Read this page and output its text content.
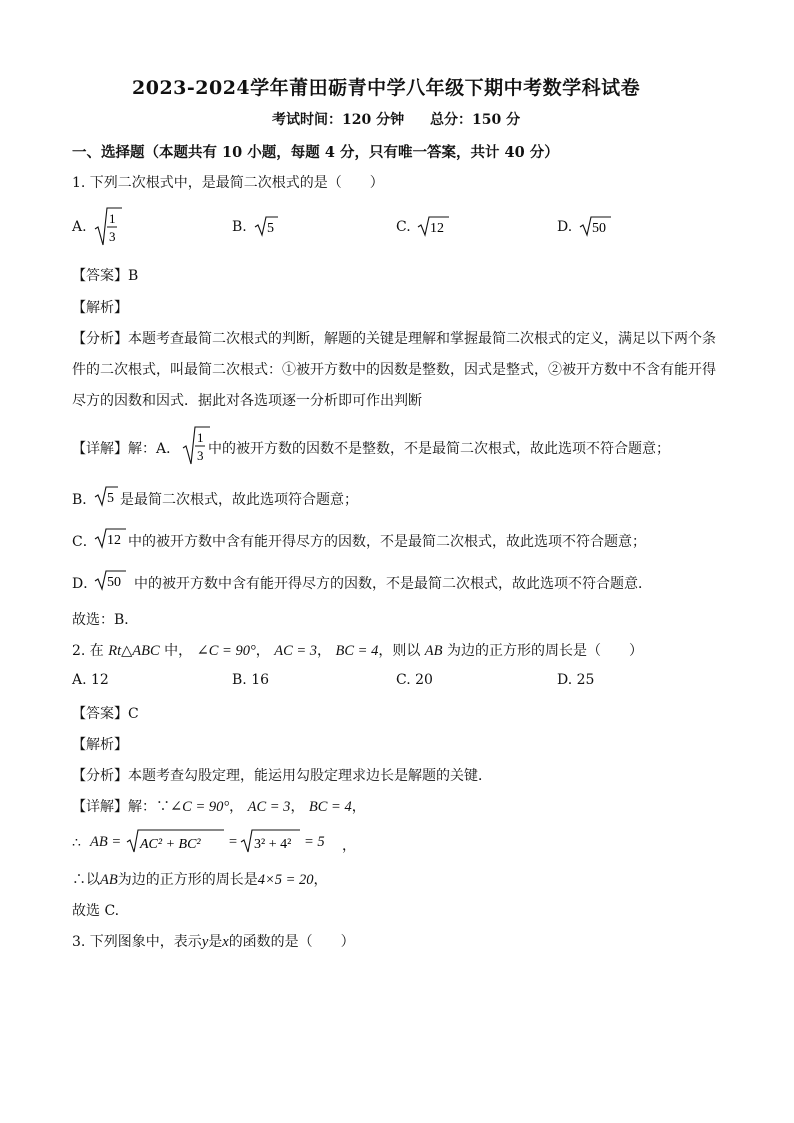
2023-2024学年莆田砺青中学八年级下期中考数学科试卷
考试时间：120 分钟 总分：150 分
一、选择题（本题共有 10 小题，每题 4 分，只有唯一答案，共计 40 分）
1. 下列二次根式中，是最简二次根式的是（　　）
A.
1
3
B. 5	C. 12	D. 50
【答案】B
【解析】
【分析】本题考查最简二次根式的判断，解题的关键是理解和掌握最简二次根式的定义，满足以下两个条
件的二次根式，叫最简二次根式：①被开方数中的因数是整数，因式是整式，②被开方数中不含有能开得
尽方的因数和因式．据此对各选项逐一分析即可作出判断
【详解】解：A．
1
3 中的被开方数的因数不是整数，不是最简二次根式，故此选项不符合题意；
B． 5 是最简二次根式，故此选项符合题意；
C． 12 中的被开方数中含有能开得尽方的因数，不是最简二次根式，故此选项不符合题意；
D． 50 中的被开方数中含有能开得尽方的因数，不是最简二次根式，故此选项不符合题意．
故选：B．
2. 在 Rt△ABC 中， ∠C = 90°， AC = 3， BC = 4，则以 AB 为边的正方形的周长是（　　）
A. 12	B. 16	C. 20	D. 25
【答案】C
【解析】
【分析】本题考查勾股定理，能运用勾股定理求边长是解题的关键．
【详解】解：∵∠C = 90°， AC = 3， BC = 4，
∴ AB = AC² + BC² = 3² + 4² = 5 ，
∴以AB为边的正方形的周长是4×5 = 20，
故选 C.
3. 下列图象中，表示y是x的函数的是（　　）
